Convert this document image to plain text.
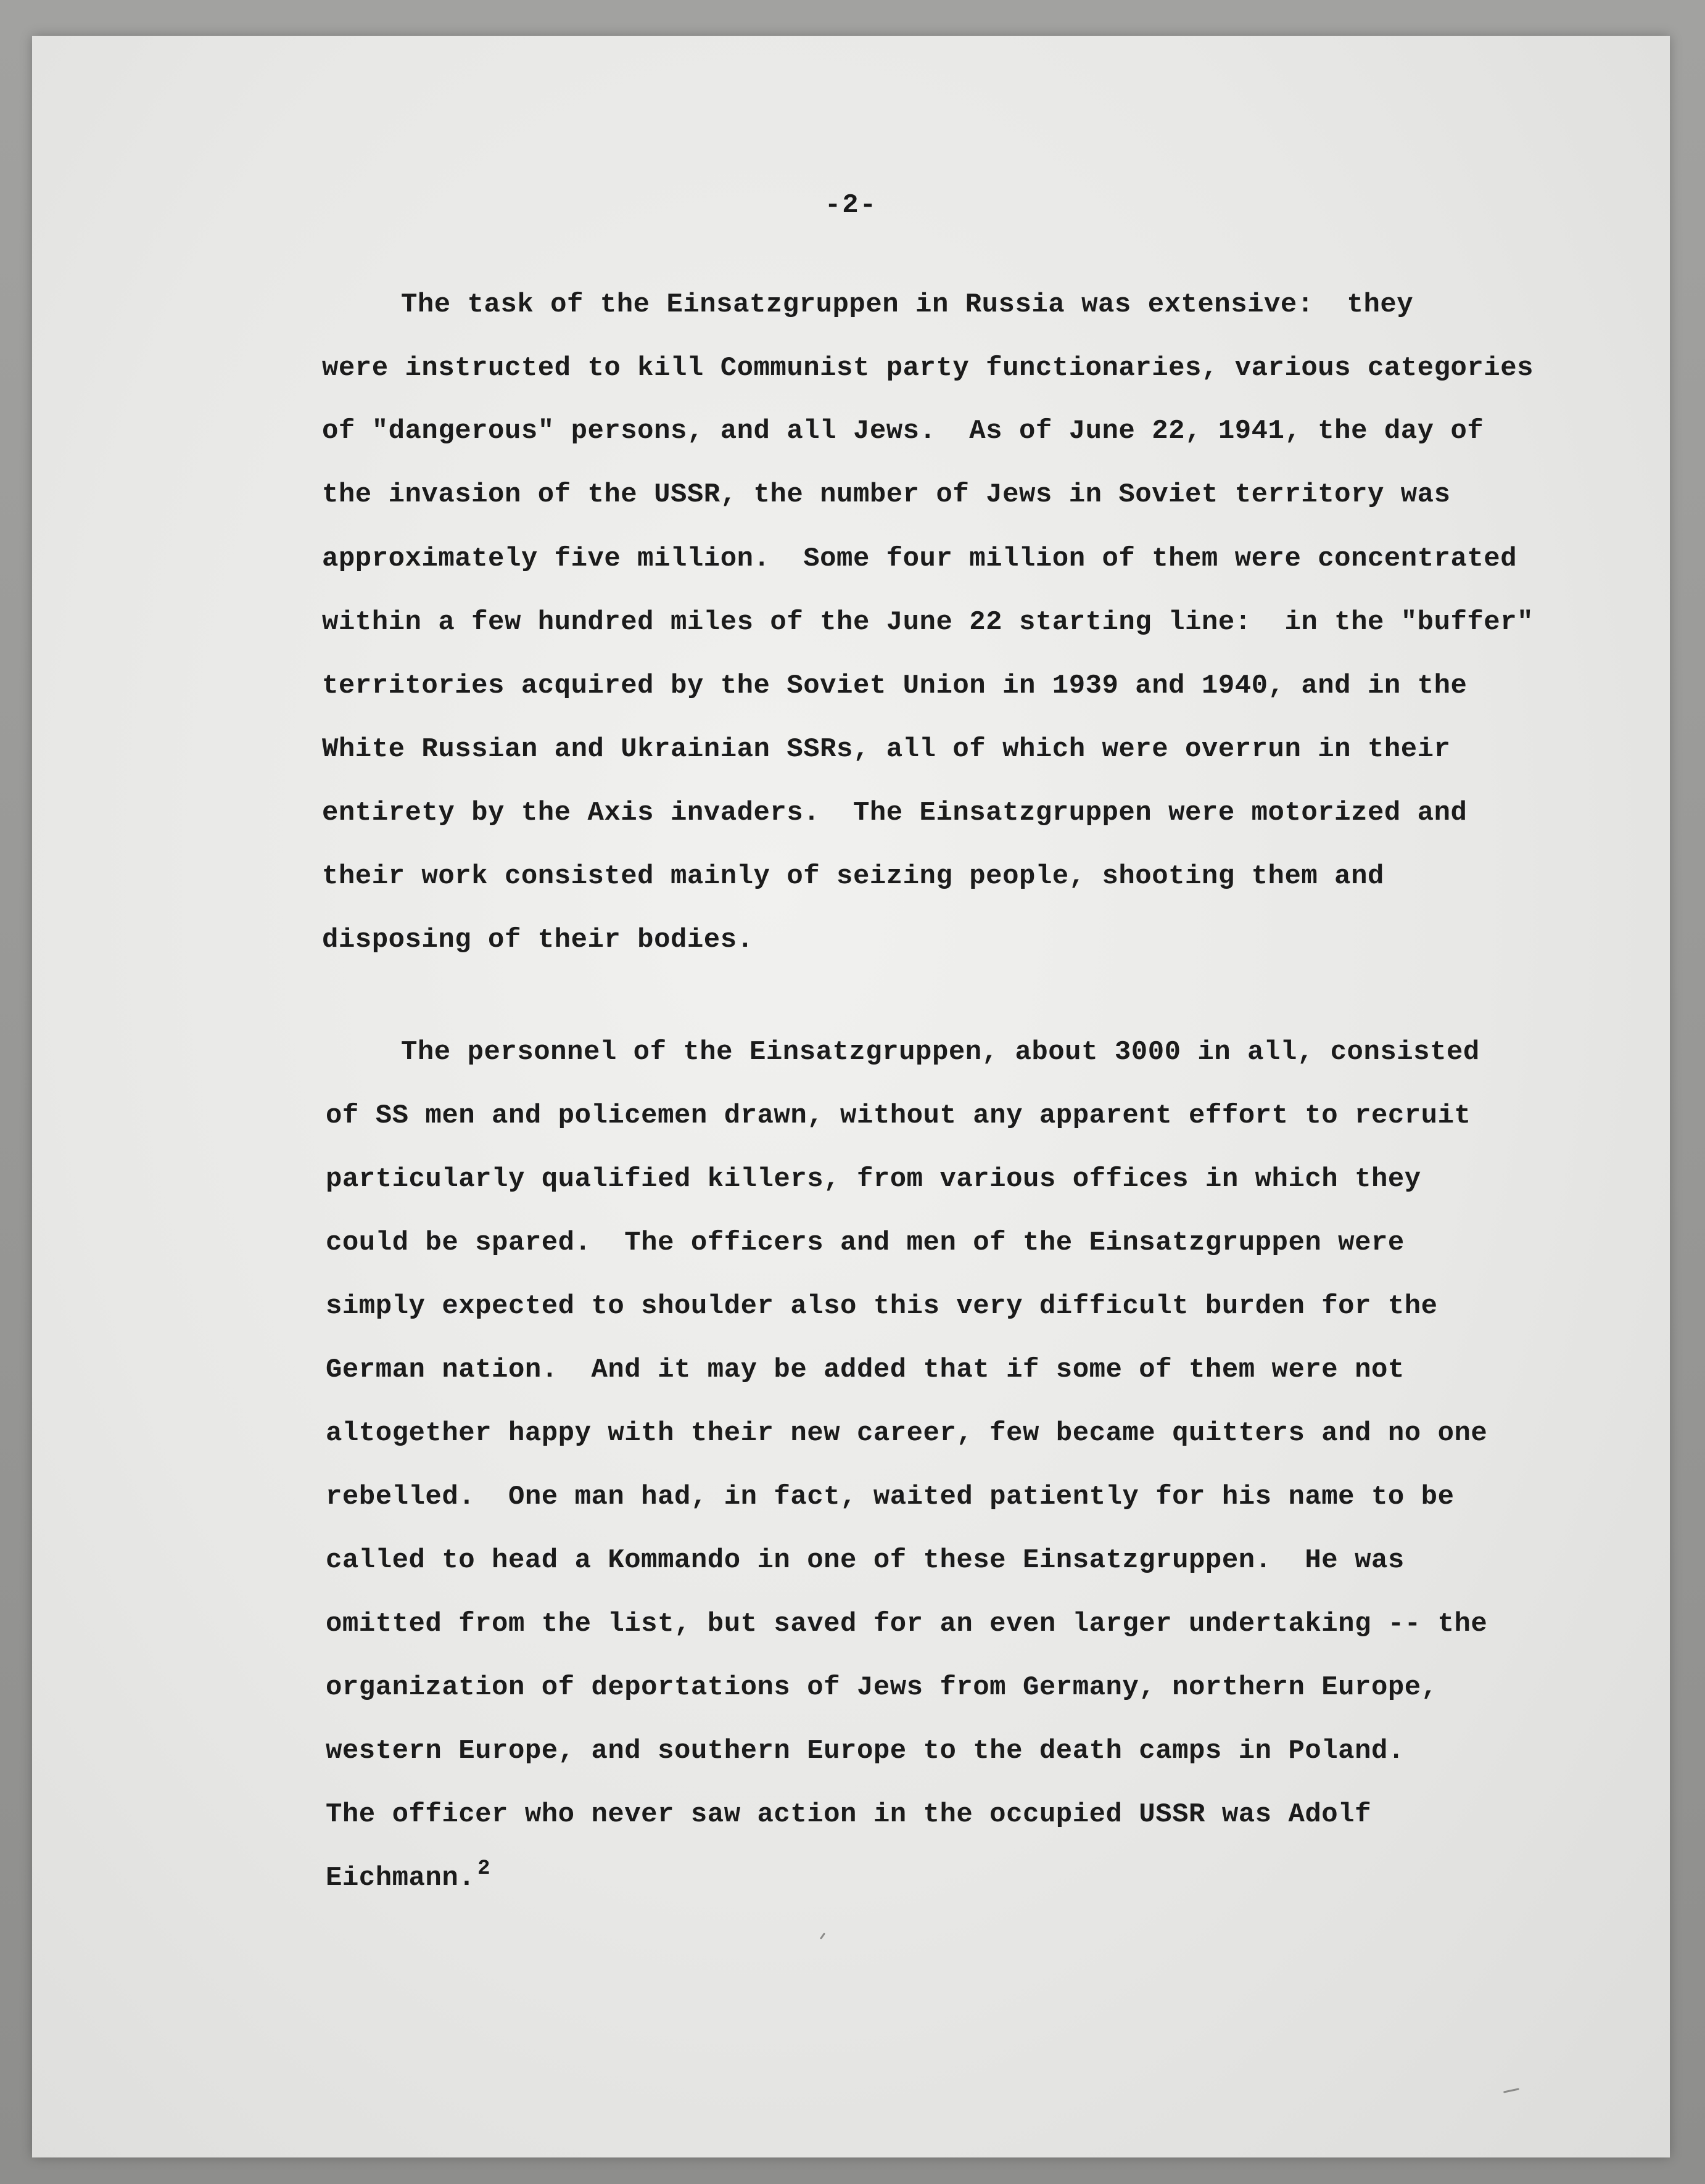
-2-
The task of the Einsatzgruppen in Russia was extensive:  they
were instructed to kill Communist party functionaries, various categories
of "dangerous" persons, and all Jews.  As of June 22, 1941, the day of
the invasion of the USSR, the number of Jews in Soviet territory was
approximately five million.  Some four million of them were concentrated
within a few hundred miles of the June 22 starting line:  in the "buffer"
territories acquired by the Soviet Union in 1939 and 1940, and in the
White Russian and Ukrainian SSRs, all of which were overrun in their
entirety by the Axis invaders.  The Einsatzgruppen were motorized and
their work consisted mainly of seizing people, shooting them and
disposing of their bodies.
The personnel of the Einsatzgruppen, about 3000 in all, consisted
of SS men and policemen drawn, without any apparent effort to recruit
particularly qualified killers, from various offices in which they
could be spared.  The officers and men of the Einsatzgruppen were
simply expected to shoulder also this very difficult burden for the
German nation.  And it may be added that if some of them were not
altogether happy with their new career, few became quitters and no one
rebelled.  One man had, in fact, waited patiently for his name to be
called to head a Kommando in one of these Einsatzgruppen.  He was
omitted from the list, but saved for an even larger undertaking -- the
organization of deportations of Jews from Germany, northern Europe,
western Europe, and southern Europe to the death camps in Poland.
The officer who never saw action in the occupied USSR was Adolf
Eichmann. $^2$
